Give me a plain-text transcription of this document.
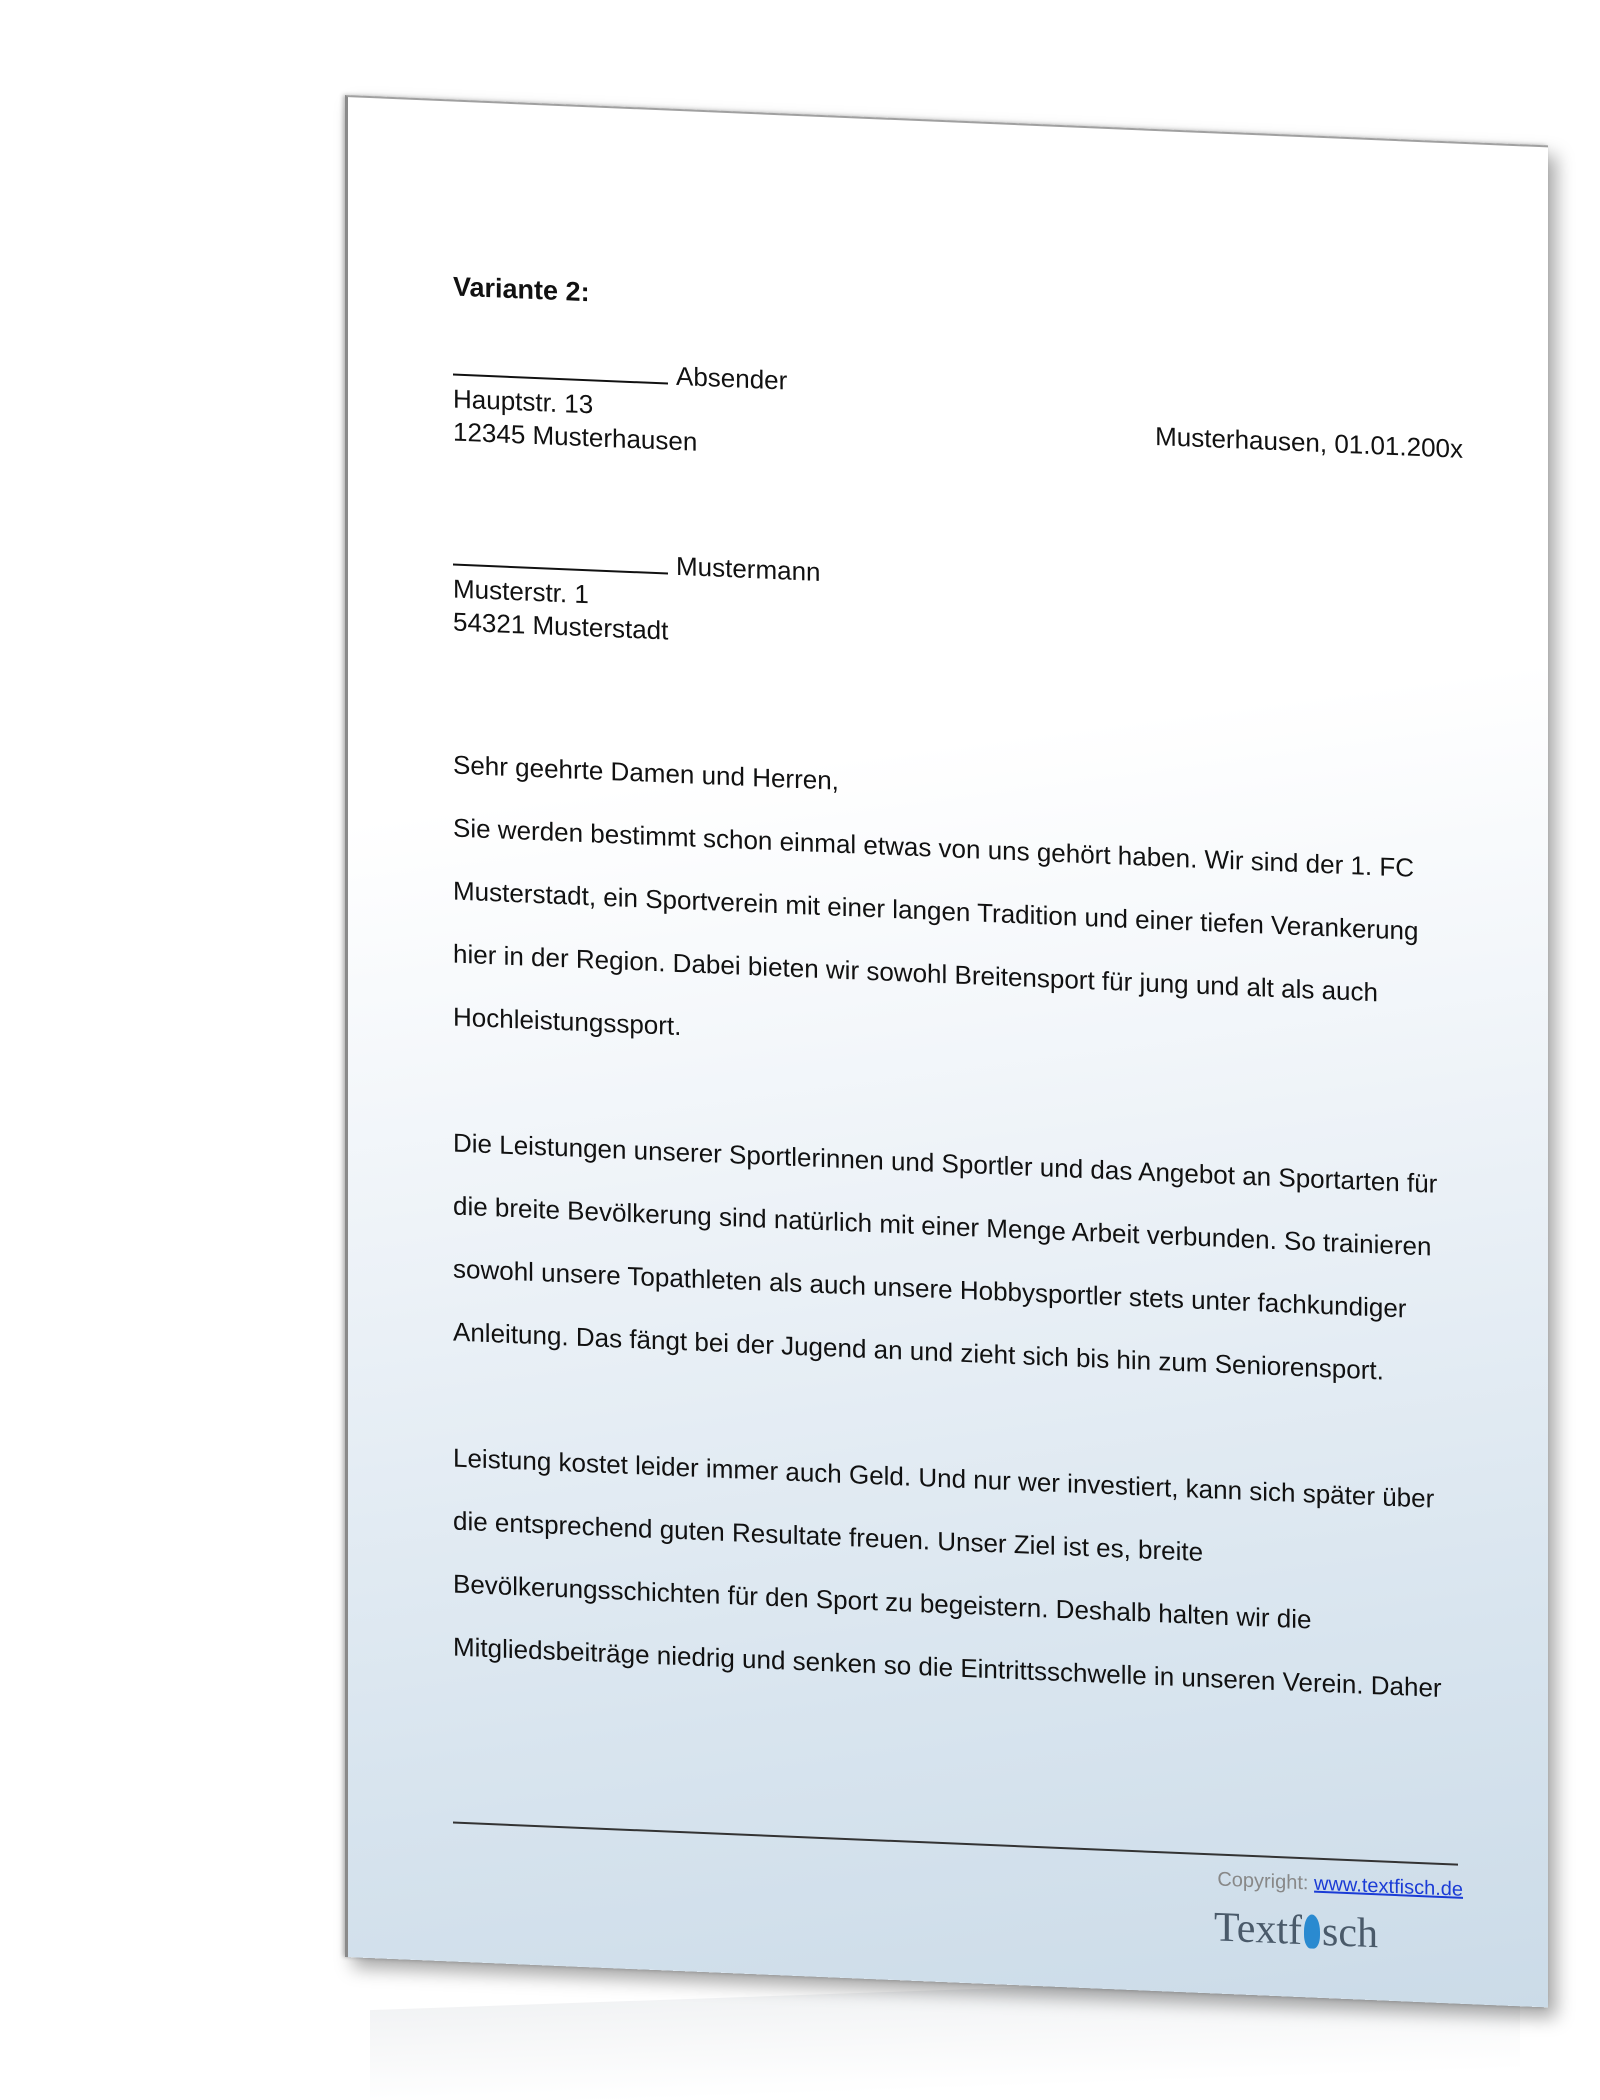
Variante 2:
Absender
Hauptstr. 13
12345 Musterhausen	Musterhausen, 01.01.200x
Mustermann
Musterstr. 1
54321 Musterstadt
Sehr geehrte Damen und Herren,

Sie werden bestimmt schon einmal etwas von uns gehört haben. Wir sind der 1. FC Musterstadt, ein Sportverein mit einer langen Tradition und einer tiefen Verankerung hier in der Region. Dabei bieten wir sowohl Breitensport für jung und alt als auch Hochleistungssport.

Die Leistungen unserer Sportlerinnen und Sportler und das Angebot an Sportarten für die breite Bevölkerung sind natürlich mit einer Menge Arbeit verbunden. So trainieren sowohl unsere Topathleten als auch unsere Hobbysportler stets unter fachkundiger Anleitung. Das fängt bei der Jugend an und zieht sich bis hin zum Seniorensport.

Leistung kostet leider immer auch Geld. Und nur wer investiert, kann sich später über die entsprechend guten Resultate freuen. Unser Ziel ist es, breite Bevölkerungsschichten für den Sport zu begeistern. Deshalb halten wir die Mitgliedsbeiträge niedrig und senken so die Eintrittsschwelle in unseren Verein. Daher

Copyright: www.textfisch.de
Textf sch
